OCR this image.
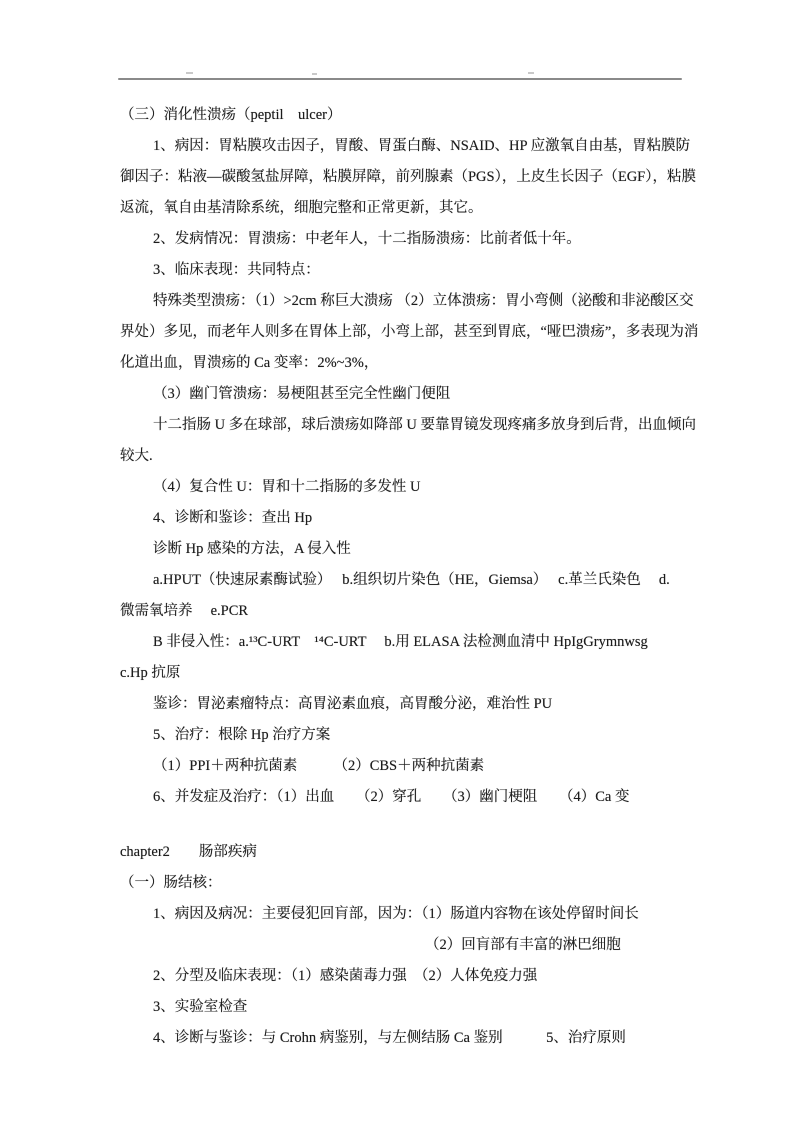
（三）消化性溃疡（peptil　ulcer）
1、病因：胃粘膜攻击因子，胃酸、胃蛋白酶、NSAID、HP 应激氧自由基，胃粘膜防
御因子：粘液—碳酸氢盐屏障，粘膜屏障，前列腺素（PGS），上皮生长因子（EGF），粘膜
返流，氧自由基清除系统，细胞完整和正常更新，其它。
2、发病情况：胃溃疡：中老年人，十二指肠溃疡：比前者低十年。
3、临床表现：共同特点：
特殊类型溃疡：（1）>2cm 称巨大溃疡 （2）立体溃疡：胃小弯侧（泌酸和非泌酸区交
界处）多见，而老年人则多在胃体上部，小弯上部，甚至到胃底，“哑巴溃疡”，多表现为消
化道出血，胃溃疡的 Ca 变率：2%~3%，
（3）幽门管溃疡：易梗阻甚至完全性幽门便阻
十二指肠 U 多在球部，球后溃疡如降部 U 要靠胃镜发现疼痛多放身到后背，出血倾向
较大.
（4）复合性 U：胃和十二指肠的多发性 U
4、诊断和鉴诊：查出 Hp
诊断 Hp 感染的方法，A 侵入性
a.HPUT（快速尿素酶试验）　 b.组织切片染色（HE，Giemsa）　 c.革兰氏染色　 d.
微需氧培养　 e.PCR
B 非侵入性：a.¹³C-URT　¹⁴C-URT　 b.用 ELASA 法检测血清中 HpIgGrymnwsg
c.Hp 抗原
鉴诊：胃泌素瘤特点：高胃泌素血痕，高胃酸分泌，难治性 PU
5、治疗：根除 Hp 治疗方案
（1）PPI＋两种抗菌素　　　（2）CBS＋两种抗菌素
6、并发症及治疗：（1）出血　　（2）穿孔　　（3）幽门梗阻　　（4）Ca 变
chapter2　　肠部疾病
（一）肠结核：
1、病因及病况：主要侵犯回肓部，因为：（1）肠道内容物在该处停留时间长
（2）回肓部有丰富的淋巴细胞
2、分型及临床表现：（1）感染菌毒力强　（2）人体免疫力强
3、实验室检查
4、诊断与鉴诊：与 Crohn 病鉴别，与左侧结肠 Ca 鉴别　　　5、治疗原则
